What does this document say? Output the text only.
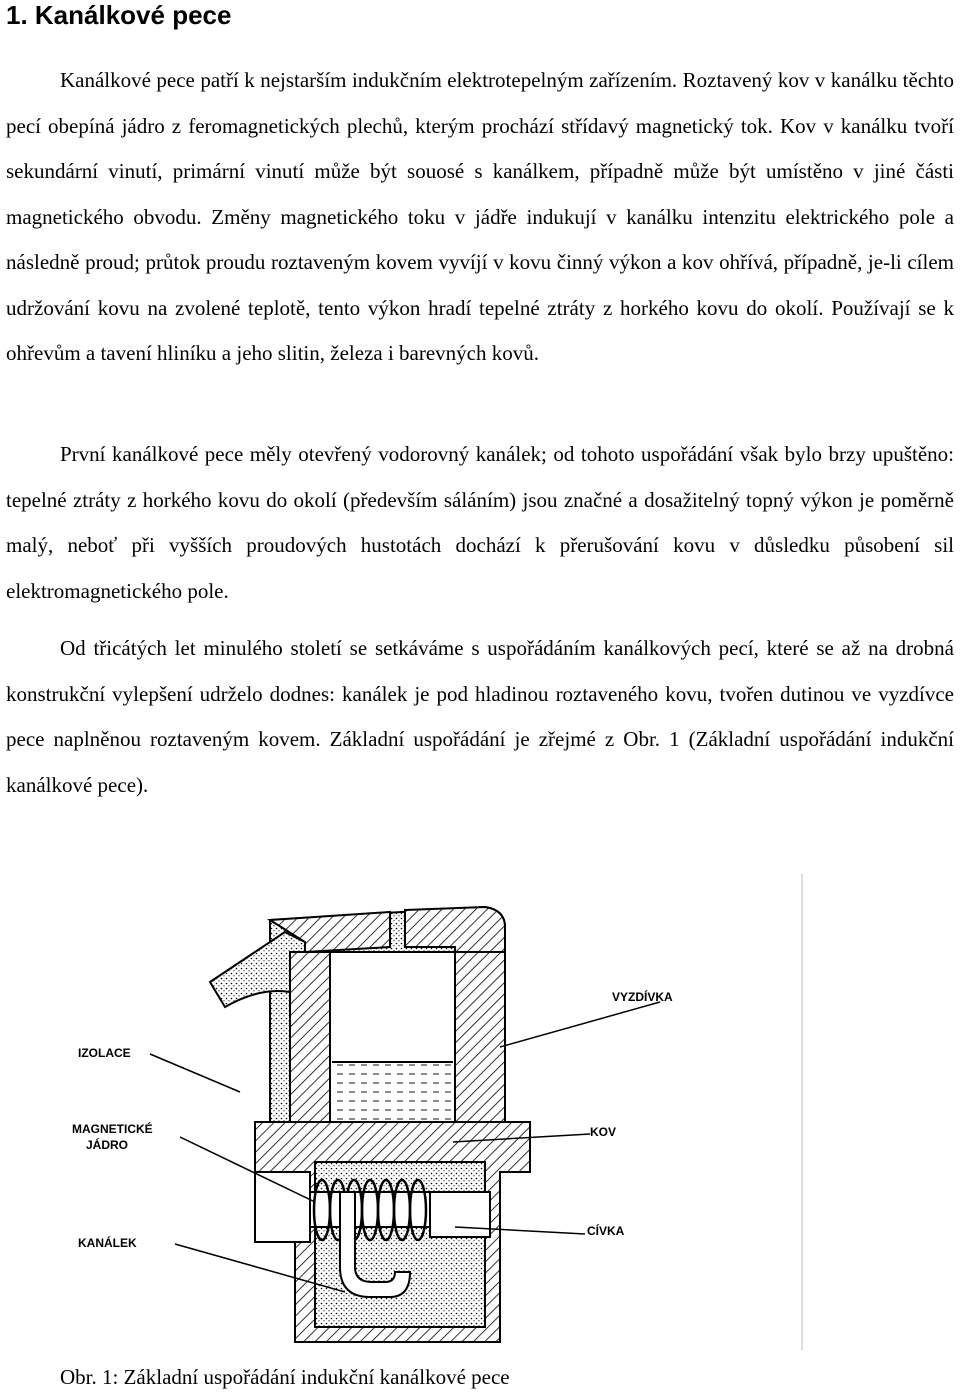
1. Kanálkové pece

Kanálkové pece patří k nejstarším indukčním elektrotepelným zařízením. Roztavený kov v kanálku těchto pecí obepíná jádro z feromagnetických plechů, kterým prochází střídavý magnetický tok. Kov v kanálku tvoří sekundární vinutí, primární vinutí může být souosé s kanálkem, případně může být umístěno v jiné části magnetického obvodu. Změny magnetického toku v jádře indukují v kanálku intenzitu elektrického pole a následně proud; průtok proudu roztaveným kovem vyvíjí v kovu činný výkon a kov ohřívá, případně, je-li cílem udržování kovu na zvolené teplotě, tento výkon hradí tepelné ztráty z horkého kovu do okolí. Používají se k ohřevům a tavení hliníku a jeho slitin, železa i barevných kovů.

První kanálkové pece měly otevřený vodorovný kanálek; od tohoto uspořádání však bylo brzy upuštěno: tepelné ztráty z horkého kovu do okolí (především sáláním) jsou značné a dosažitelný topný výkon je poměrně malý, neboť při vyšších proudových hustotách dochází k přerušování kovu v důsledku působení sil elektromagnetického pole.

Od třicátých let minulého století se setkáváme s uspořádáním kanálkových pecí, které se až na drobná konstrukční vylepšení udrželo dodnes: kanálek je pod hladinou roztaveného kovu, tvořen dutinou ve vyzdívce pece naplněnou roztaveným kovem. Základní uspořádání je zřejmé z Obr. 1 (Základní uspořádání indukční kanálkové pece).

VYZDÍVKA
IZOLACE
KOV
MAGNETICKÉ
JÁDRO
CÍVKA
KANÁLEK

Obr. 1: Základní uspořádání indukční kanálkové pece
